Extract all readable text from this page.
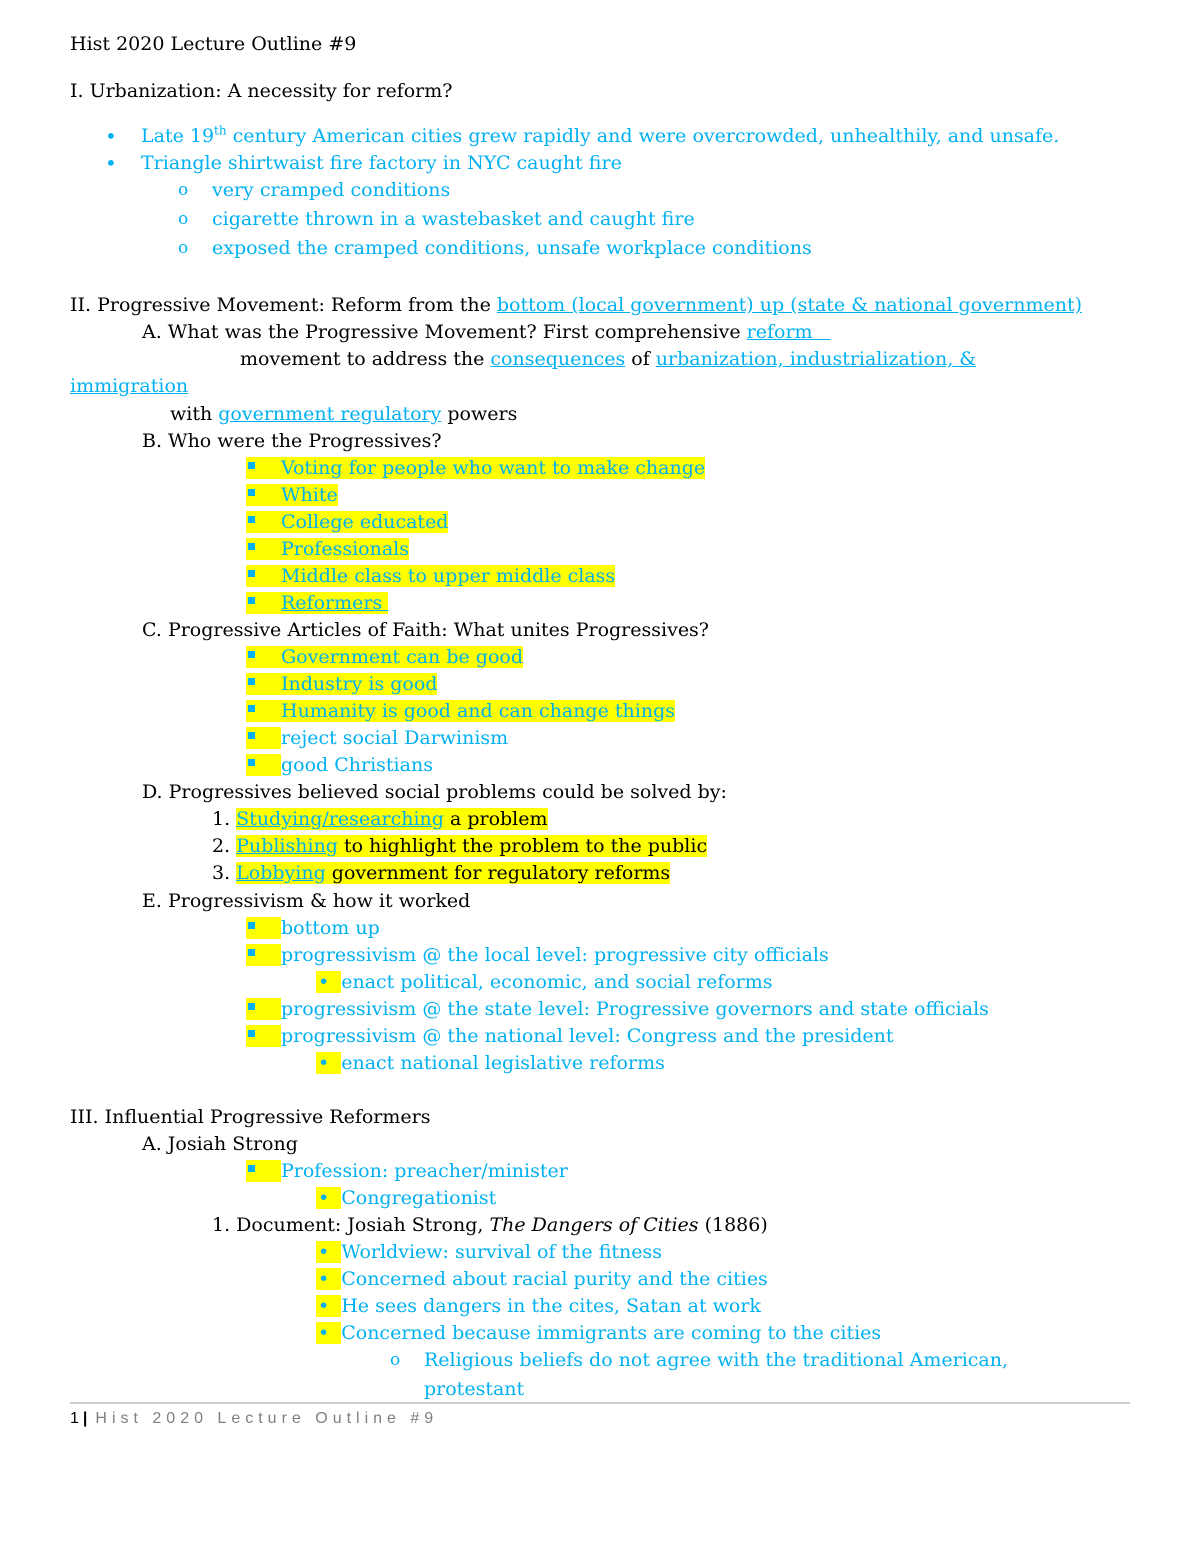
Hist 2020 Lecture Outline #9
I. Urbanization: A necessity for reform?
• Late 19th century American cities grew rapidly and were overcrowded, unhealthily, and unsafe.
• Triangle shirtwaist fire factory in NYC caught fire
o very cramped conditions
o cigarette thrown in a wastebasket and caught fire
o exposed the cramped conditions, unsafe workplace conditions
II. Progressive Movement: Reform from the bottom (local government) up (state & national government)
A. What was the Progressive Movement? First comprehensive reform
movement to address the consequences of urbanization, industrialization, &
immigration
with government regulatory powers
B. Who were the Progressives?
Voting for people who want to make change
White
College educated
Professionals
Middle class to upper middle class
Reformers
C. Progressive Articles of Faith: What unites Progressives?
Government can be good
Industry is good
Humanity is good and can change things
reject social Darwinism
good Christians
D. Progressives believed social problems could be solved by:
1. Studying/researching a problem
2. Publishing to highlight the problem to the public
3. Lobbying government for regulatory reforms
E. Progressivism & how it worked
bottom up
progressivism @ the local level: progressive city officials
• enact political, economic, and social reforms
progressivism @ the state level: Progressive governors and state officials
progressivism @ the national level: Congress and the president
• enact national legislative reforms
III. Influential Progressive Reformers
A. Josiah Strong
Profession: preacher/minister
• Congregationist
1. Document: Josiah Strong, The Dangers of Cities (1886)
• Worldview: survival of the fitness
• Concerned about racial purity and the cities
• He sees dangers in the cites, Satan at work
• Concerned because immigrants are coming to the cities
o Religious beliefs do not agree with the traditional American,
protestant
1 | Hist 2020 Lecture Outline #9
